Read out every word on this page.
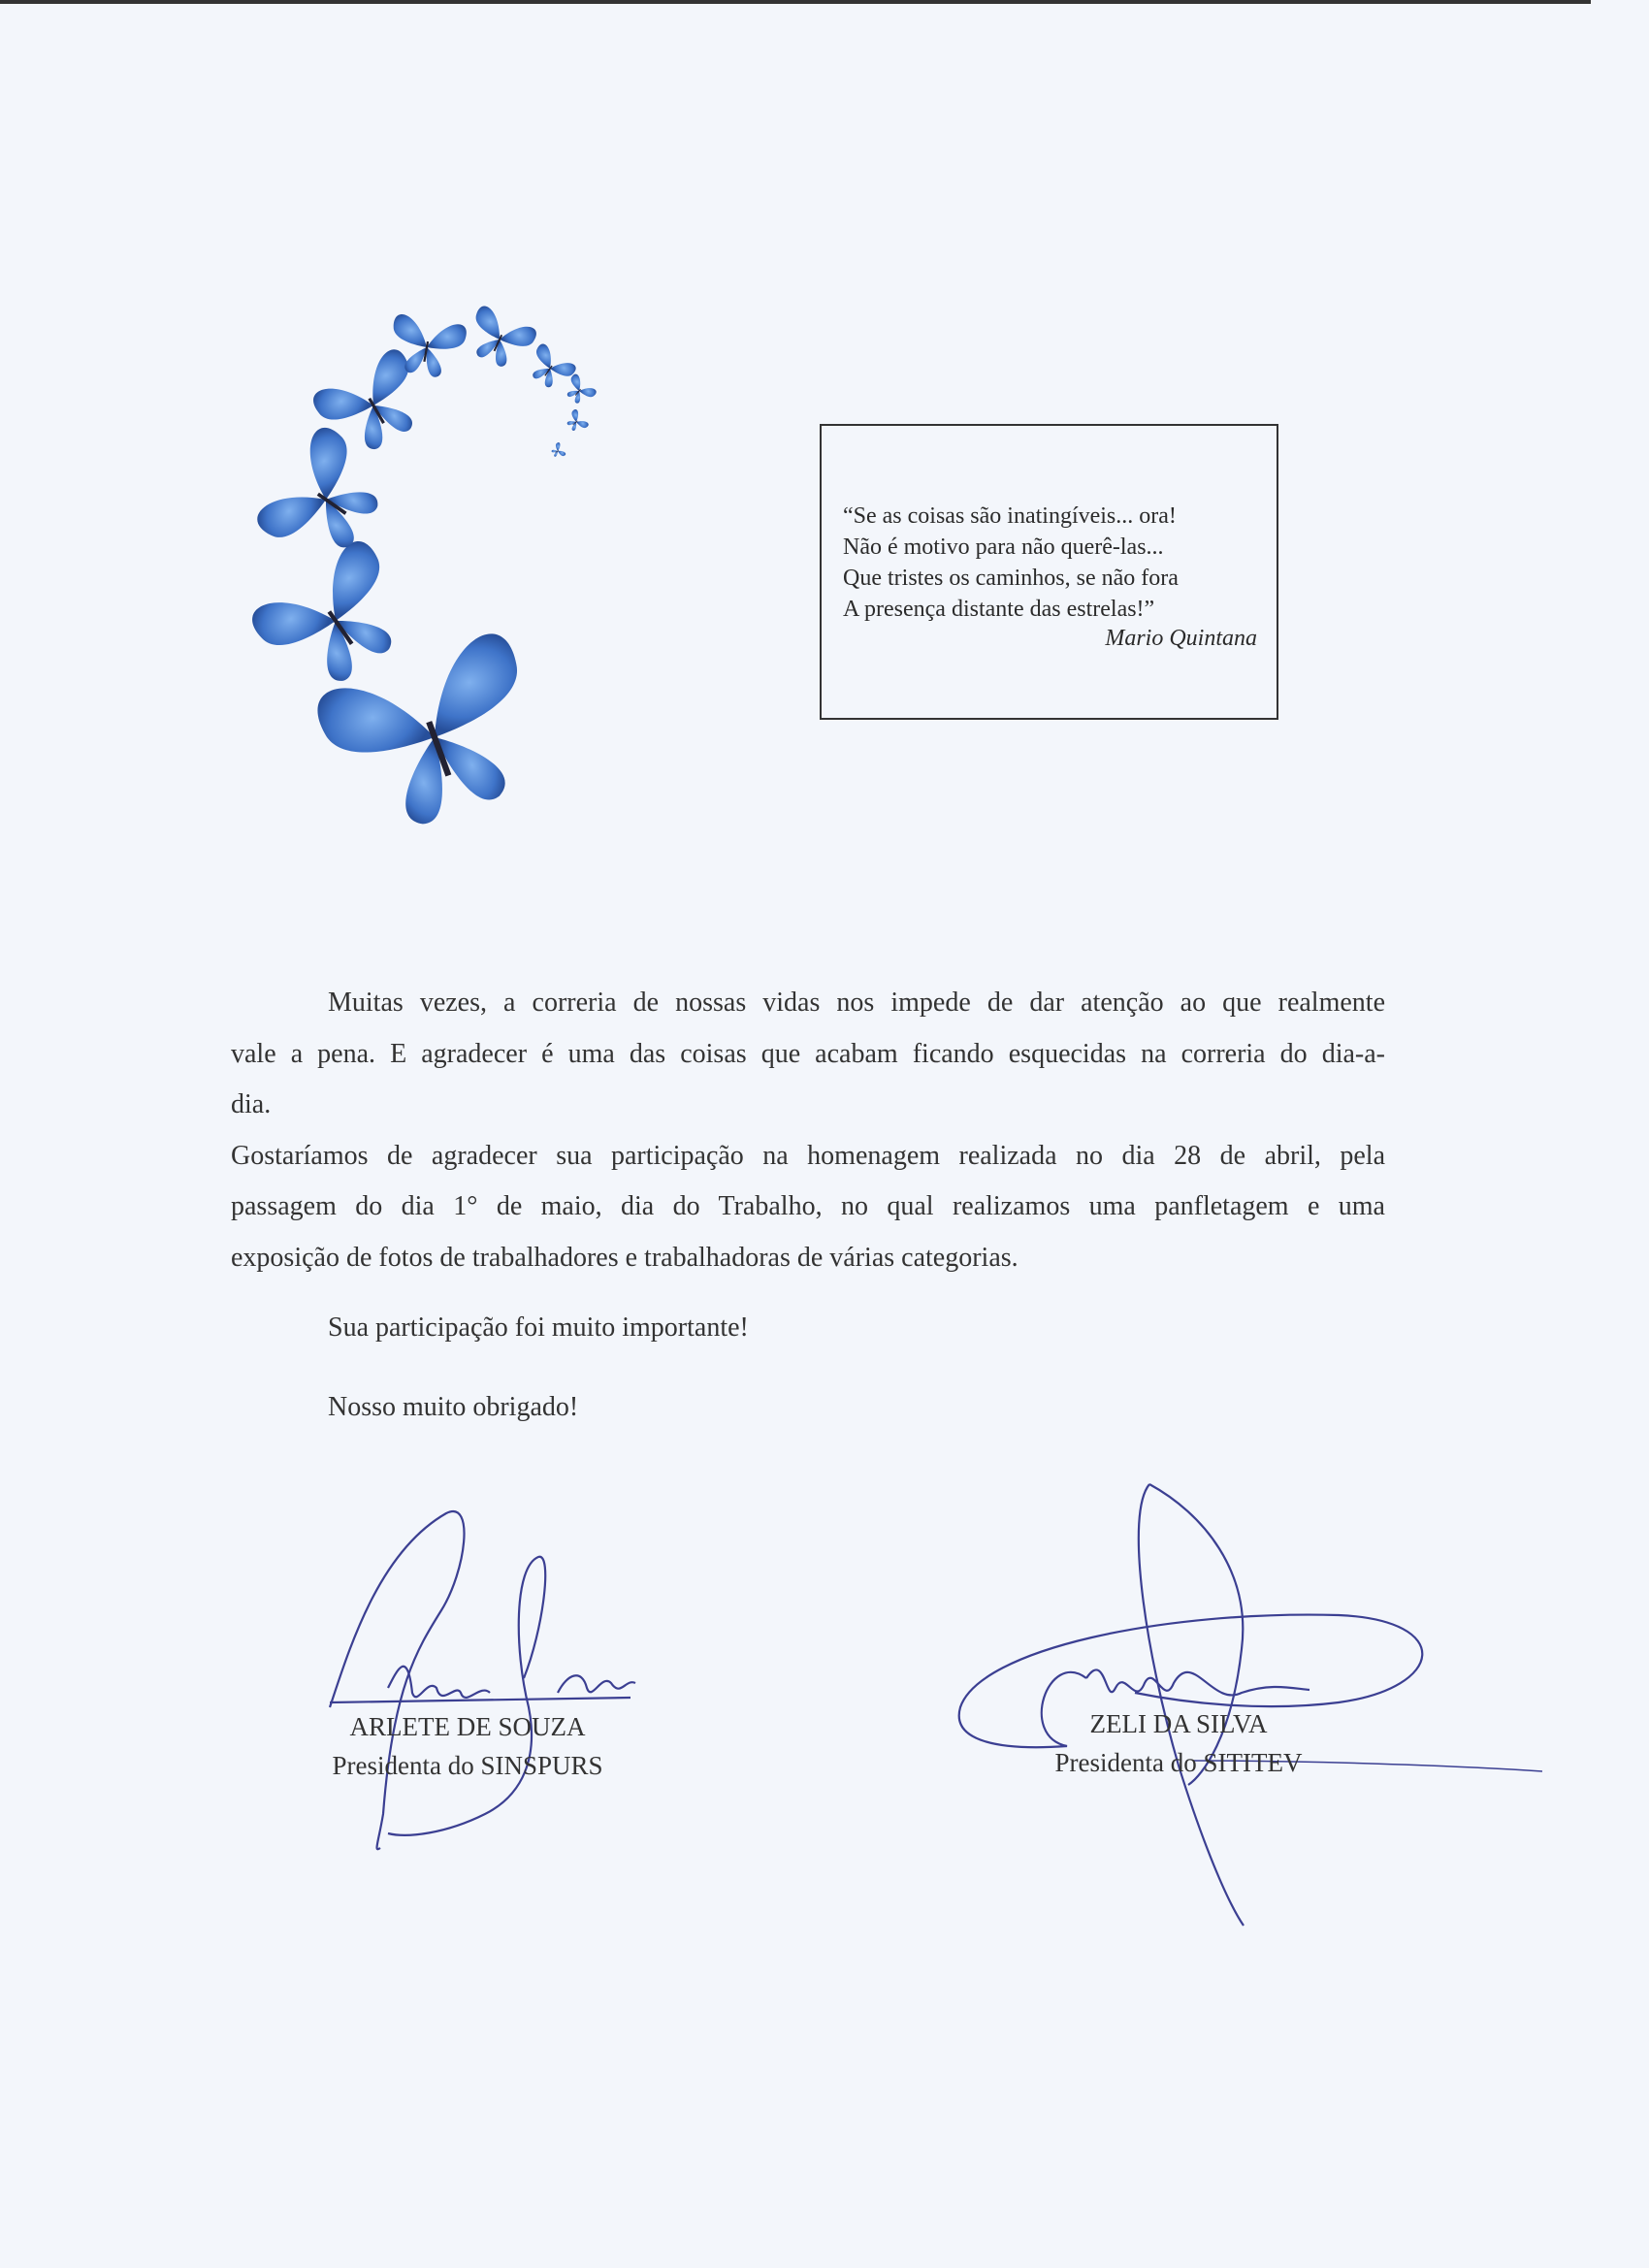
“Se as coisas são inatingíveis... ora!
Não é motivo para não querê-las...
Que tristes os caminhos, se não fora
A presença distante das estrelas!”
Mario Quintana
Muitas vezes, a correria de nossas vidas nos impede de dar atenção ao que realmente
vale a pena. E agradecer é uma das coisas que acabam ficando esquecidas na correria do dia-a-
dia.
Gostaríamos de agradecer sua participação na homenagem realizada no dia 28 de abril, pela
passagem do dia 1° de maio, dia do Trabalho, no qual realizamos uma panfletagem e uma
exposição de fotos de trabalhadores e trabalhadoras de várias categorias.
Sua participação foi muito importante!
Nosso muito obrigado!
ARLETE DE SOUZA
Presidenta do SINSPURS
ZELI DA SILVA
Presidenta do SITITEV
